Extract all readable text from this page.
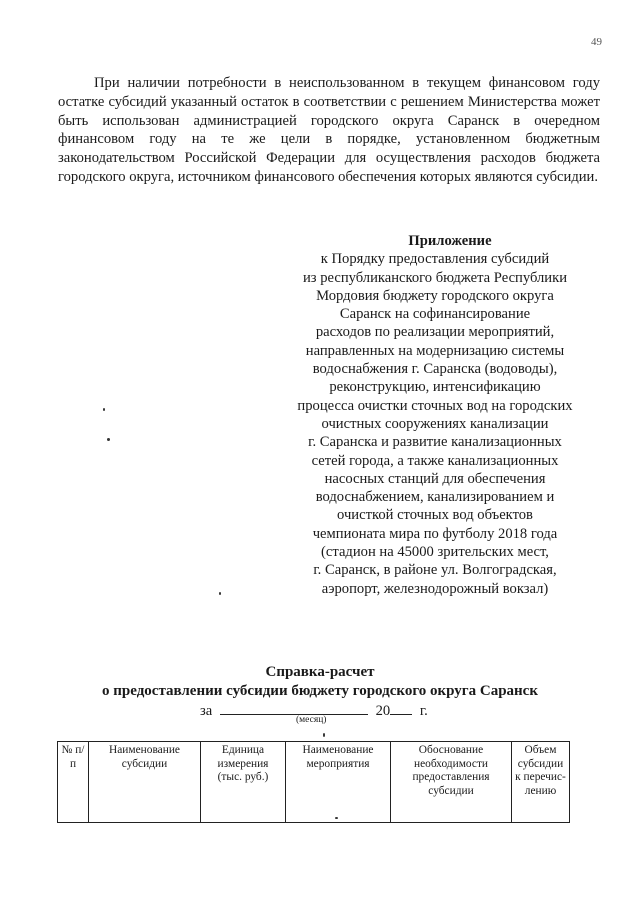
49
При наличии потребности в неиспользованном в текущем финансовом году остатке субсидий указанный остаток в соответствии с решением Министерства может быть использован администрацией городского округа Саранск в очередном финансовом году на те же цели в порядке, установленном бюджетным законодательством Российской Федерации для осуществления расходов бюджета городского округа, источником финансового обеспечения которых являются субсидии.
Приложение
к Порядку предоставления субсидий
из республиканского бюджета Республики
Мордовия бюджету городского округа
Саранск на софинансирование
расходов по реализации мероприятий,
направленных на модернизацию системы
водоснабжения г. Саранска (водоводы),
реконструкцию, интенсификацию
процесса очистки сточных вод на городских
очистных сооружениях канализации
г. Саранска и развитие канализационных
сетей города, а также канализационных
насосных станций для обеспечения
водоснабжением, канализированием и
очисткой сточных вод объектов
чемпионата мира по футболу 2018 года
(стадион на 45000 зрительских мест,
г. Саранск, в районе ул. Волгоградская,
аэропорт, железнодорожный вокзал)
Справка-расчет
о предоставлении субсидии бюджету городского округа Саранск
за	20 г.
(месяц)
№ п/п	Наименование субсидии	Единица измерения (тыс. руб.)	Наименование мероприятия	Обоснование необходимости предоставления субсидии	Объем субсидии к перечис-лению
